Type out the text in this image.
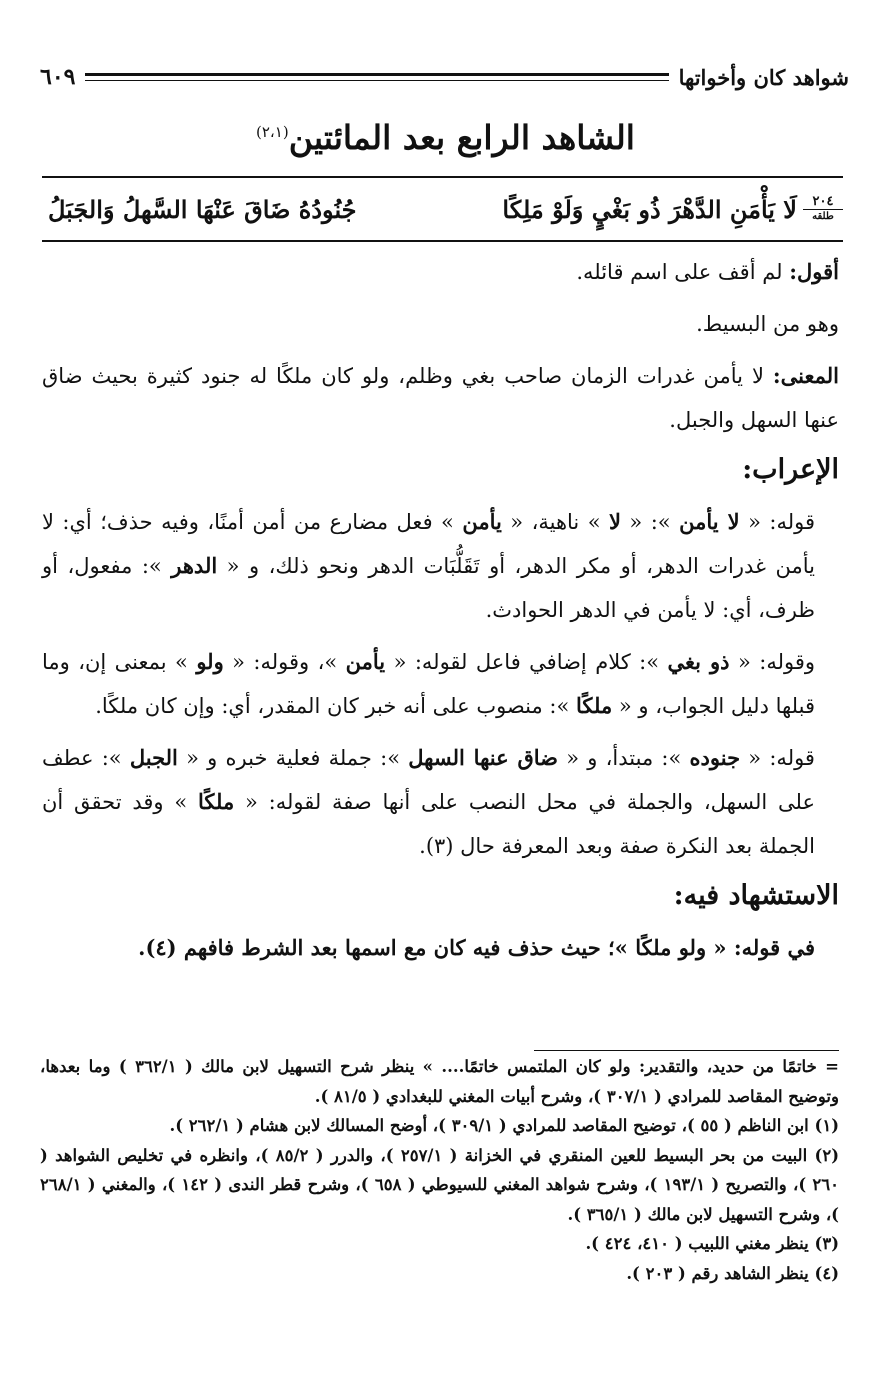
شواهد كان وأخواتها
٦٠٩
الشاهد الرابع بعد المائتين$^{(٢،١)}$
٢٠٤
طلقه
لَا يَأْمَنِ الدَّهْرَ ذُو بَغْيٍ وَلَوْ مَلِكًا
جُنُودُهُ ضَاقَ عَنْهَا السَّهلُ وَالجَبَلُ

أقول: لم أقف على اسم قائله.

وهو من البسيط.

المعنى: لا يأمن غدرات الزمان صاحب بغي وظلم، ولو كان ملكًا له جنود كثيرة بحيث ضاق عنها السهل والجبل.

الإعراب:

قوله: « لا يأمن »: « لا » ناهية، « يأمن » فعل مضارع من أمن أمنًا، وفيه حذف؛ أي: لا يأمن غدرات الدهر، أو مكر الدهر، أو تَقَلُّبَات الدهر ونحو ذلك، و « الدهر »: مفعول، أو ظرف، أي: لا يأمن في الدهر الحوادث.

وقوله: « ذو بغي »: كلام إضافي فاعل لقوله: « يأمن »، وقوله: « ولو » بمعنى إن، وما قبلها دليل الجواب، و « ملكًا »: منصوب على أنه خبر كان المقدر، أي: وإن كان ملكًا.

قوله: « جنوده »: مبتدأ، و « ضاق عنها السهل »: جملة فعلية خبره و « الجبل »: عطف على السهل، والجملة في محل النصب على أنها صفة لقوله: « ملكًا » وقد تحقق أن الجملة بعد النكرة صفة وبعد المعرفة حال (٣).

الاستشهاد فيه:

في قوله: « ولو ملكًا »؛ حيث حذف فيه كان مع اسمها بعد الشرط فافهم (٤).

= خاتمًا من حديد، والتقدير: ولو كان الملتمس خاتمًا.... » ينظر شرح التسهيل لابن مالك ( ٣٦٢/١ ) وما بعدها، وتوضيح المقاصد للمرادي ( ٣٠٧/١ )، وشرح أبيات المغني للبغدادي ( ٨١/٥ ).

(١) ابن الناظم ( ٥٥ )، توضيح المقاصد للمرادي ( ٣٠٩/١ )، أوضح المسالك لابن هشام ( ٢٦٢/١ ).

(٢) البيت من بحر البسيط للعين المنقري في الخزانة ( ٢٥٧/١ )، والدرر ( ٨٥/٢ )، وانظره في تخليص الشواهد ( ٢٦٠ )، والتصريح ( ١٩٣/١ )، وشرح شواهد المغني للسيوطي ( ٦٥٨ )، وشرح قطر الندى ( ١٤٢ )، والمغني ( ٢٦٨/١ )، وشرح التسهيل لابن مالك ( ٣٦٥/١ ).

(٣) ينظر مغني اللبيب ( ٤١٠، ٤٢٤ ).

(٤) ينظر الشاهد رقم ( ٢٠٣ ).
